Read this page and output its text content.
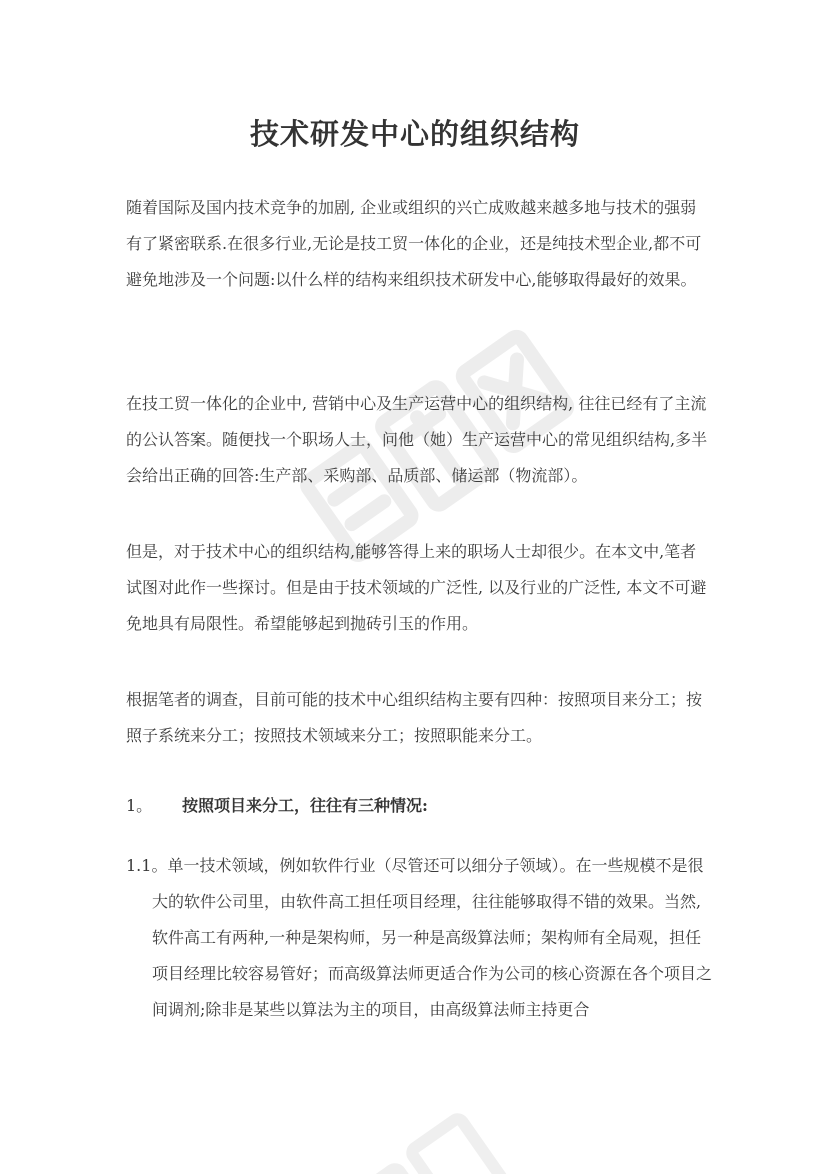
技术研发中心的组织结构

随着国际及国内技术竞争的加剧, 企业或组织的兴亡成败越来越多地与技术的强弱有了紧密联系.在很多行业,无论是技工贸一体化的企业，还是纯技术型企业,都不可避免地涉及一个问题:以什么样的结构来组织技术研发中心,能够取得最好的效果。

在技工贸一体化的企业中, 营销中心及生产运营中心的组织结构, 往往已经有了主流的公认答案。随便找一个职场人士，问他（她）生产运营中心的常见组织结构,多半会给出正确的回答:生产部、采购部、品质部、储运部（物流部）。

但是，对于技术中心的组织结构,能够答得上来的职场人士却很少。在本文中,笔者试图对此作一些探讨。但是由于技术领域的广泛性, 以及行业的广泛性, 本文不可避免地具有局限性。希望能够起到抛砖引玉的作用。

根据笔者的调查，目前可能的技术中心组织结构主要有四种：按照项目来分工；按照子系统来分工；按照技术领域来分工；按照职能来分工。

1。 按照项目来分工，往往有三种情况:

1.1。单一技术领域，例如软件行业（尽管还可以细分子领域）。在一些规模不是很大的软件公司里，由软件高工担任项目经理，往往能够取得不错的效果。当然,软件高工有两种,一种是架构师，另一种是高级算法师；架构师有全局观，担任项目经理比较容易管好；而高级算法师更适合作为公司的核心资源在各个项目之间调剂;除非是某些以算法为主的项目，由高级算法师主持更合
